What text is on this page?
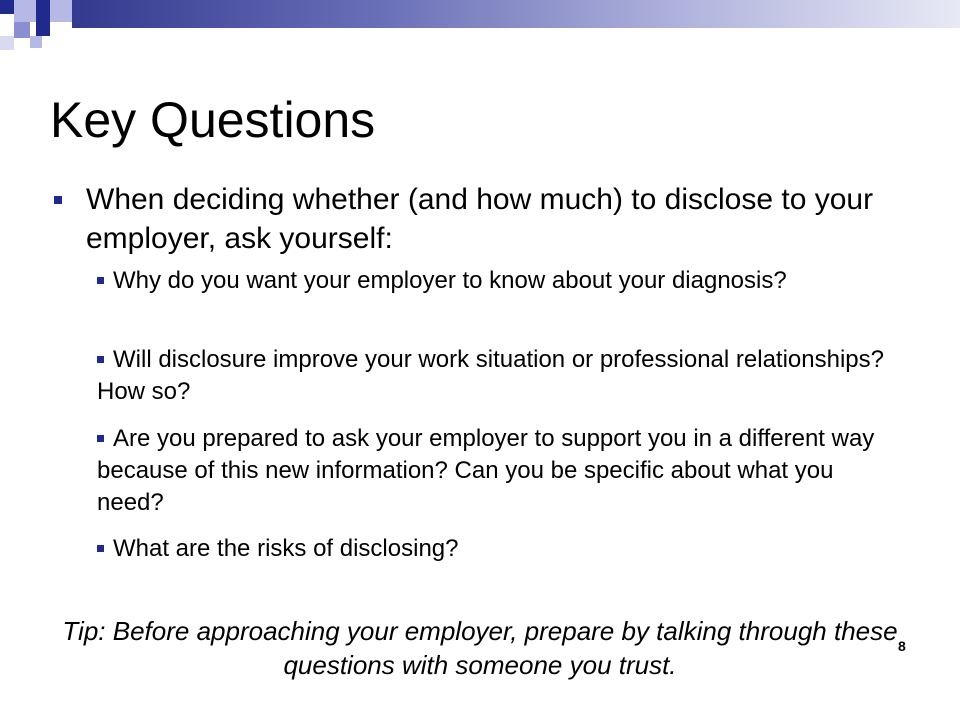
Key Questions
When deciding whether (and how much) to disclose to your employer, ask yourself:
Why do you want your employer to know about your diagnosis?
Will disclosure improve your work situation or professional relationships? How so?
Are you prepared to ask your employer to support you in a different way because of this new information? Can you be specific about what you need?
What are the risks of disclosing?
Tip: Before approaching your employer, prepare by talking through these questions with someone you trust.
8
